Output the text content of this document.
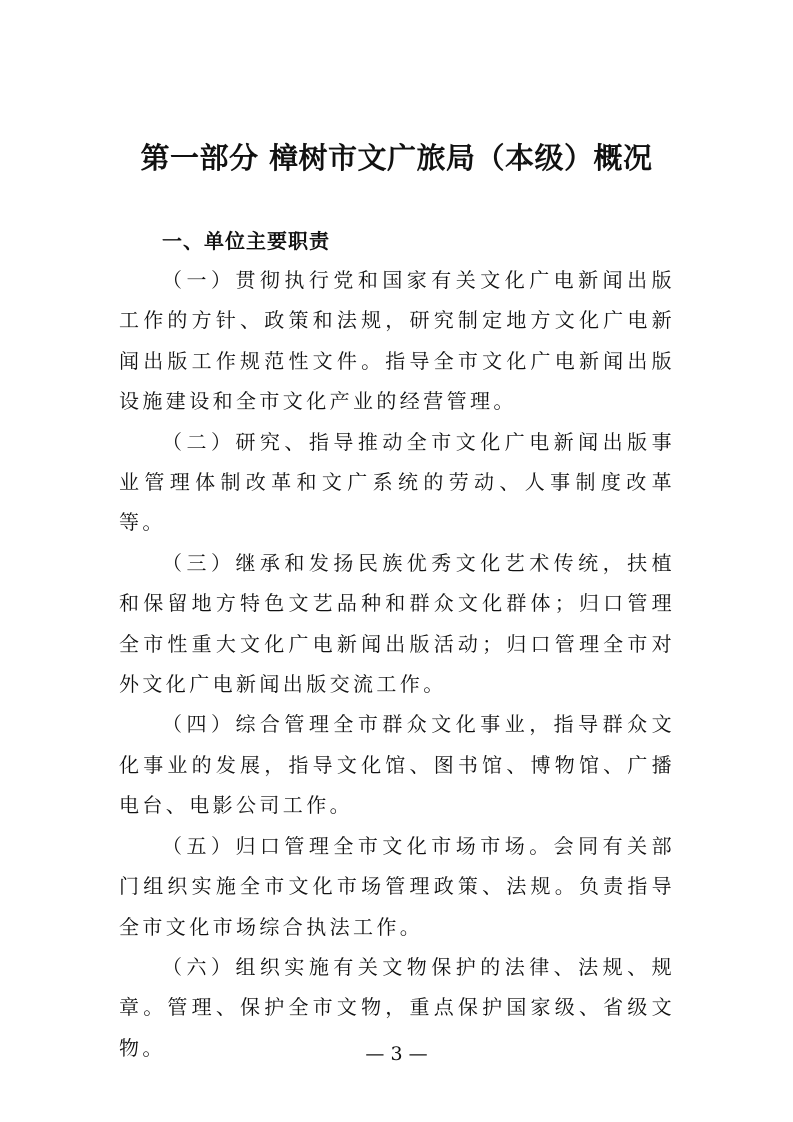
第一部分 樟树市文广旅局（本级）概况
一、单位主要职责

（一）贯彻执行党和国家有关文化广电新闻出版工作的方针、政策和法规，研究制定地方文化广电新闻出版工作规范性文件。指导全市文化广电新闻出版设施建设和全市文化产业的经营管理。

（二）研究、指导推动全市文化广电新闻出版事业管理体制改革和文广系统的劳动、人事制度改革等。

（三）继承和发扬民族优秀文化艺术传统，扶植和保留地方特色文艺品种和群众文化群体；归口管理全市性重大文化广电新闻出版活动；归口管理全市对外文化广电新闻出版交流工作。

（四）综合管理全市群众文化事业，指导群众文化事业的发展，指导文化馆、图书馆、博物馆、广播电台、电影公司工作。

（五）归口管理全市文化市场市场。会同有关部门组织实施全市文化市场管理政策、法规。负责指导全市文化市场综合执法工作。

（六）组织实施有关文物保护的法律、法规、规章。管理、保护全市文物，重点保护国家级、省级文物。	— 3 —
